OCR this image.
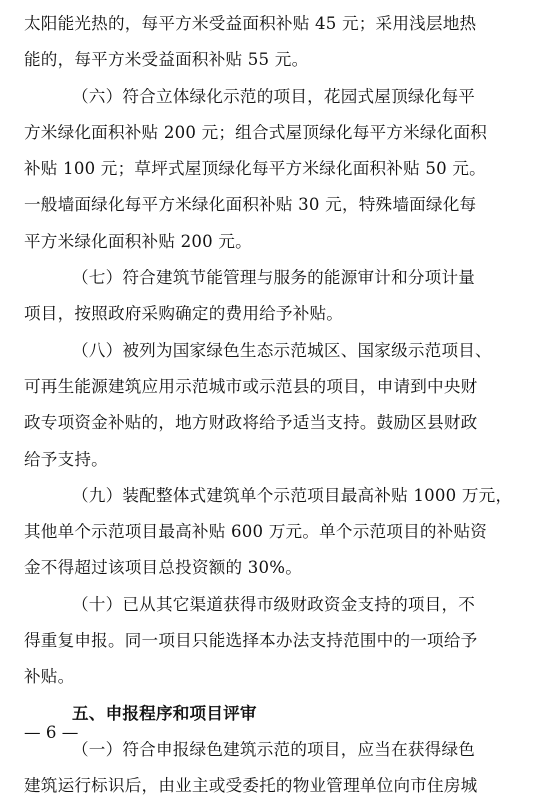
太阳能光热的，每平方米受益面积补贴 45 元；采用浅层地热
能的，每平方米受益面积补贴 55 元。
（六）符合立体绿化示范的项目，花园式屋顶绿化每平
方米绿化面积补贴 200 元；组合式屋顶绿化每平方米绿化面积
补贴 100 元；草坪式屋顶绿化每平方米绿化面积补贴 50 元。
一般墙面绿化每平方米绿化面积补贴 30 元，特殊墙面绿化每
平方米绿化面积补贴 200 元。
（七）符合建筑节能管理与服务的能源审计和分项计量
项目，按照政府采购确定的费用给予补贴。
（八）被列为国家绿色生态示范城区、国家级示范项目、
可再生能源建筑应用示范城市或示范县的项目，申请到中央财
政专项资金补贴的，地方财政将给予适当支持。鼓励区县财政
给予支持。
（九）装配整体式建筑单个示范项目最高补贴 1000 万元，
其他单个示范项目最高补贴 600 万元。单个示范项目的补贴资
金不得超过该项目总投资额的 30%。
（十）已从其它渠道获得市级财政资金支持的项目，不
得重复申报。同一项目只能选择本办法支持范围中的一项给予
补贴。
五、申报程序和项目评审
（一）符合申报绿色建筑示范的项目，应当在获得绿色
建筑运行标识后，由业主或受委托的物业管理单位向市住房城
— 6 —
